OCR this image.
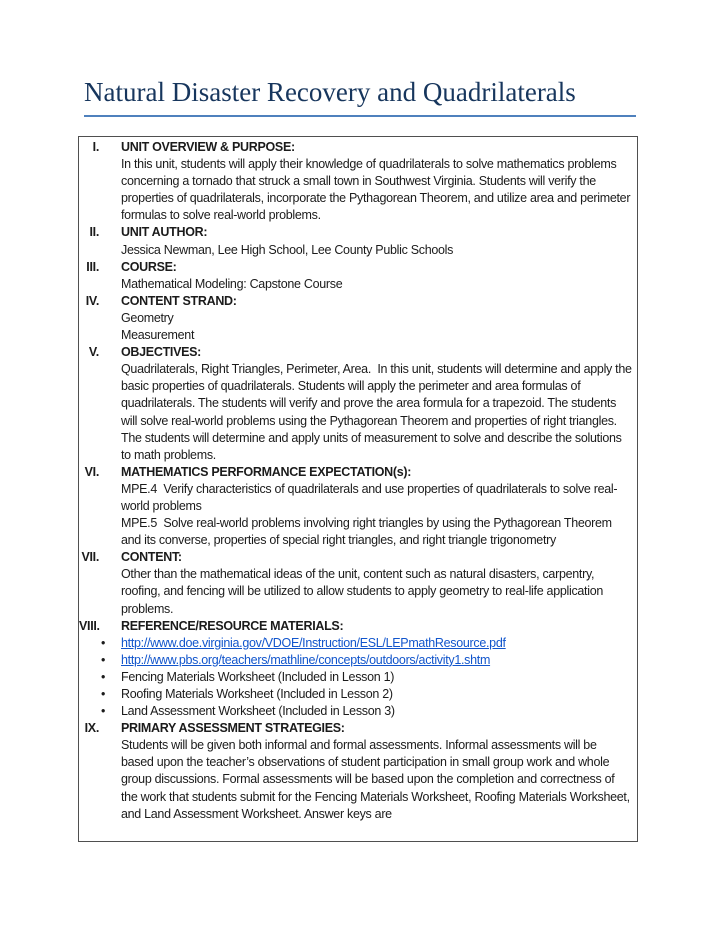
Natural Disaster Recovery and Quadrilaterals
I.	UNIT OVERVIEW & PURPOSE:

In this unit, students will apply their knowledge of quadrilaterals to solve mathematics problems concerning a tornado that struck a small town in Southwest Virginia. Students will verify the properties of quadrilaterals, incorporate the Pythagorean Theorem, and utilize area and perimeter formulas to solve real-world problems.

II.	UNIT AUTHOR:

Jessica Newman, Lee High School, Lee County Public Schools

III.	COURSE:

Mathematical Modeling: Capstone Course

IV.	CONTENT STRAND:

Geometry

Measurement

V.	OBJECTIVES:

Quadrilaterals, Right Triangles, Perimeter, Area.  In this unit, students will determine and apply the basic properties of quadrilaterals. Students will apply the perimeter and area formulas of quadrilaterals. The students will verify and prove the area formula for a trapezoid. The students will solve real-world problems using the Pythagorean Theorem and properties of right triangles. The students will determine and apply units of measurement to solve and describe the solutions to math problems.

VI.	MATHEMATICS PERFORMANCE EXPECTATION(s):

MPE.4  Verify characteristics of quadrilaterals and use properties of quadrilaterals to solve real-world problems

MPE.5  Solve real-world problems involving right triangles by using the Pythagorean Theorem and its converse, properties of special right triangles, and right triangle trigonometry

VII.	CONTENT:

Other than the mathematical ideas of the unit, content such as natural disasters, carpentry, roofing, and fencing will be utilized to allow students to apply geometry to real-life application problems.

VIII.	REFERENCE/RESOURCE MATERIALS:
• http://www.doe.virginia.gov/VDOE/Instruction/ESL/LEPmathResource.pdf
• http://www.pbs.org/teachers/mathline/concepts/outdoors/activity1.shtm
• Fencing Materials Worksheet (Included in Lesson 1)
• Roofing Materials Worksheet (Included in Lesson 2)
• Land Assessment Worksheet (Included in Lesson 3)
IX.	PRIMARY ASSESSMENT STRATEGIES:

Students will be given both informal and formal assessments. Informal assessments will be based upon the teacher’s observations of student participation in small group work and whole group discussions. Formal assessments will be based upon the completion and correctness of the work that students submit for the Fencing Materials Worksheet, Roofing Materials Worksheet, and Land Assessment Worksheet. Answer keys are
